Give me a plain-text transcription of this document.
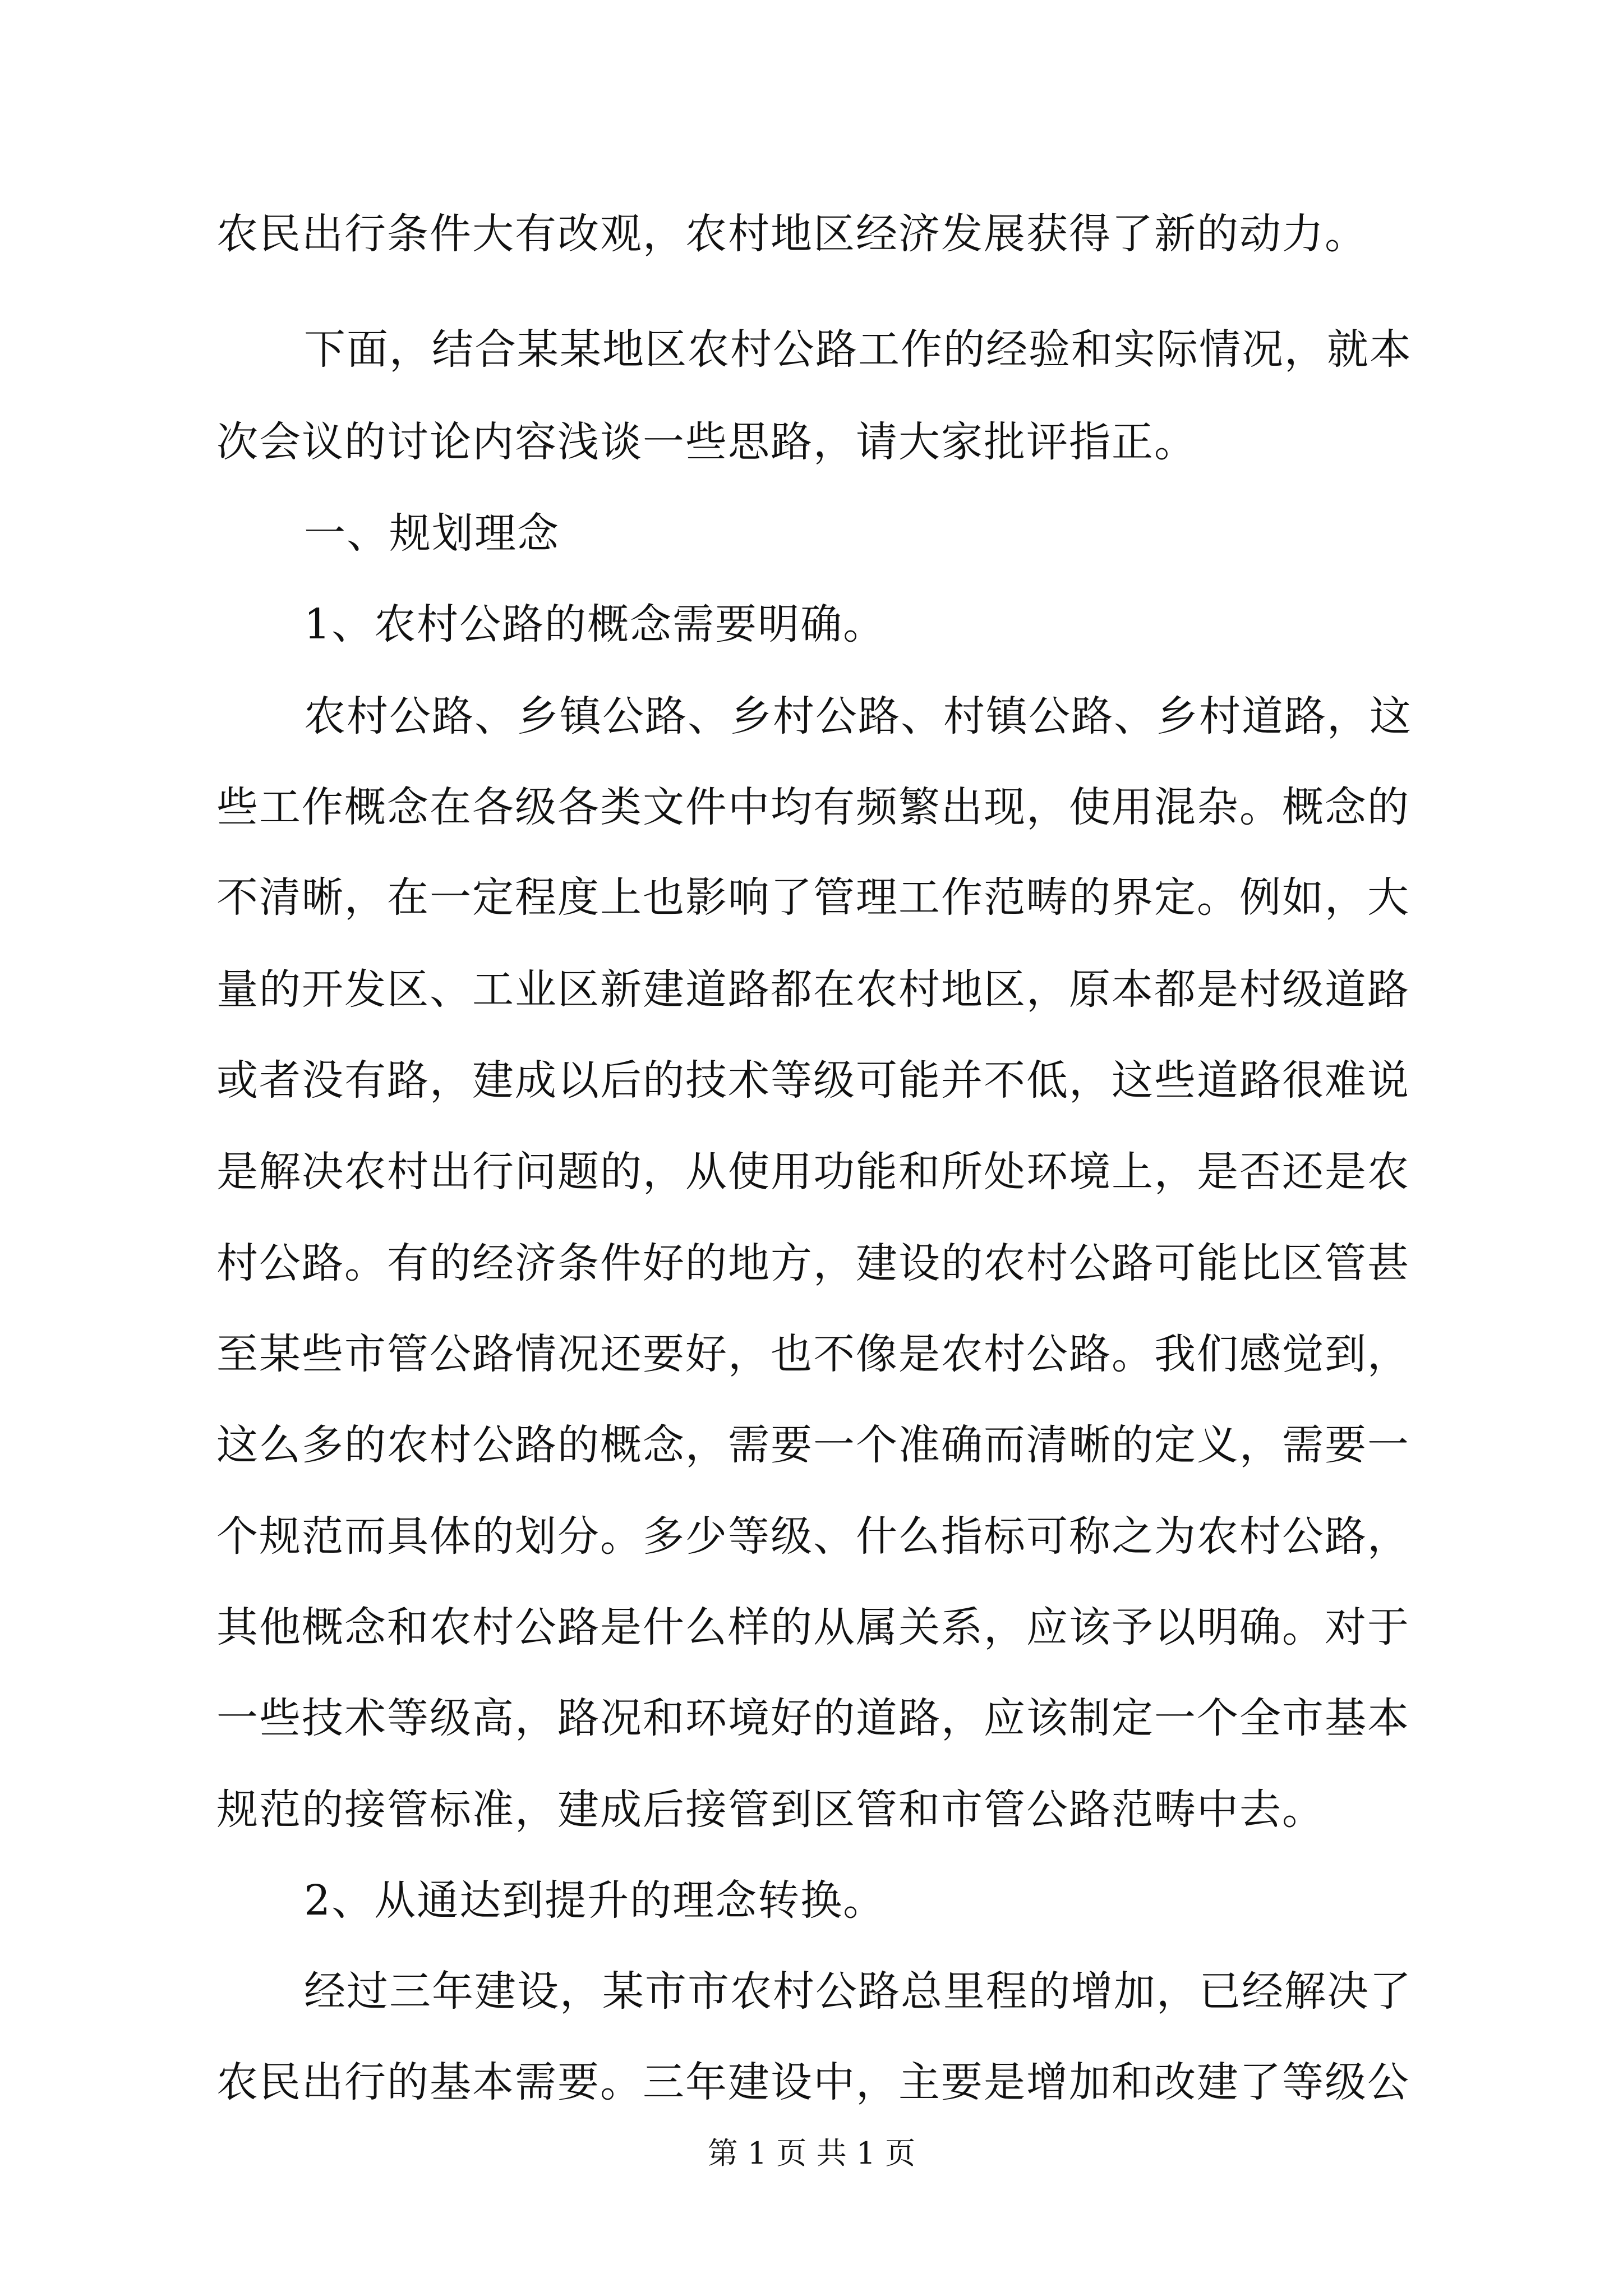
农民出行条件大有改观，农村地区经济发展获得了新的动力。
下面，结合某某地区农村公路工作的经验和实际情况，就本
次会议的讨论内容浅谈一些思路，请大家批评指正。
一、规划理念
1、农村公路的概念需要明确。
农村公路、乡镇公路、乡村公路、村镇公路、乡村道路，这
些工作概念在各级各类文件中均有频繁出现，使用混杂。概念的
不清晰，在一定程度上也影响了管理工作范畴的界定。例如，大
量的开发区、工业区新建道路都在农村地区，原本都是村级道路
或者没有路，建成以后的技术等级可能并不低，这些道路很难说
是解决农村出行问题的，从使用功能和所处环境上，是否还是农
村公路。有的经济条件好的地方，建设的农村公路可能比区管甚
至某些市管公路情况还要好，也不像是农村公路。我们感觉到，
这么多的农村公路的概念，需要一个准确而清晰的定义，需要一
个规范而具体的划分。多少等级、什么指标可称之为农村公路，
其他概念和农村公路是什么样的从属关系，应该予以明确。对于
一些技术等级高，路况和环境好的道路，应该制定一个全市基本
规范的接管标准，建成后接管到区管和市管公路范畴中去。
2、从通达到提升的理念转换。
经过三年建设，某市市农村公路总里程的增加，已经解决了
农民出行的基本需要。三年建设中，主要是增加和改建了等级公
第 1 页 共 1 页
